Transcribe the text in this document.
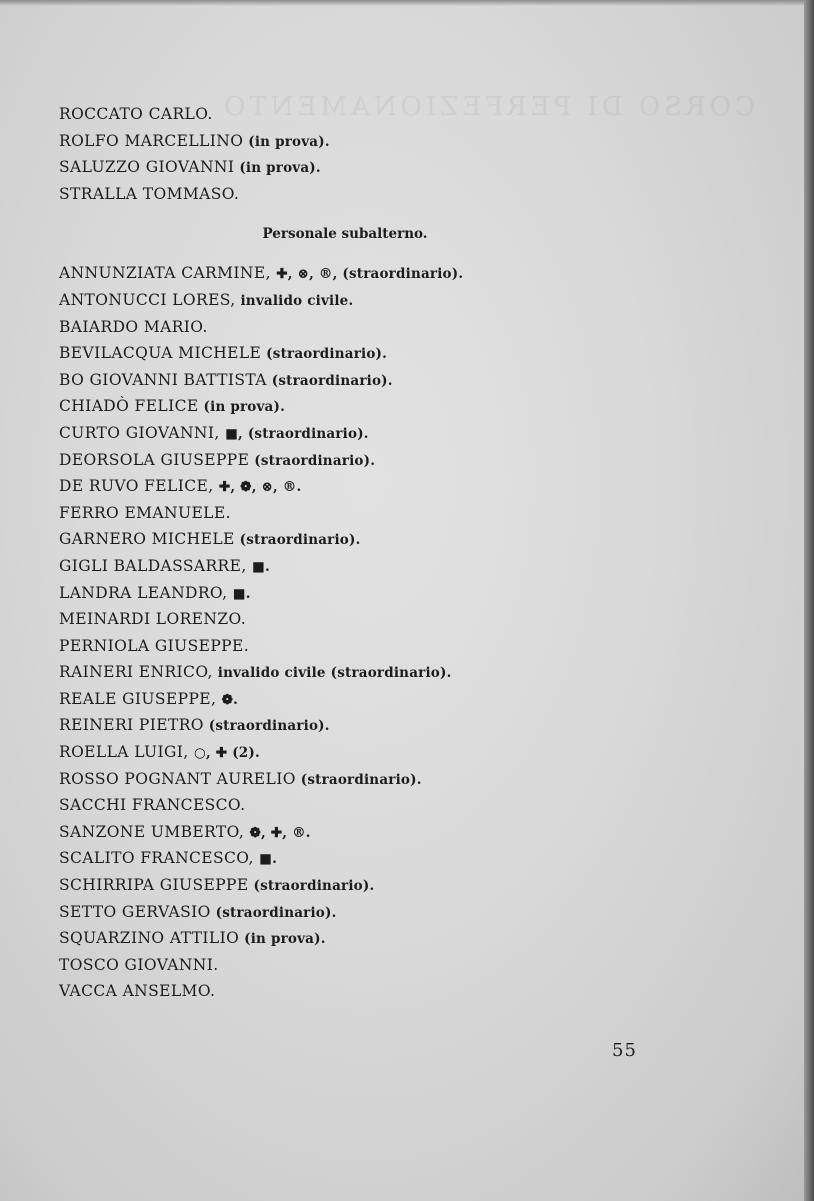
CORSO DI PERFEZIONAMENTO
ROCCATO CARLO.
ROLFO MARCELLINO (in prova).
SALUZZO GIOVANNI (in prova).
STRALLA TOMMASO.
Personale subalterno.
ANNUNZIATA CARMINE, ✚, ⊗, ®, (straordinario).
ANTONUCCI LORES, invalido civile.
BAIARDO MARIO.
BEVILACQUA MICHELE (straordinario).
BO GIOVANNI BATTISTA (straordinario).
CHIADÒ FELICE (in prova).
CURTO GIOVANNI, ■, (straordinario).
DEORSOLA GIUSEPPE (straordinario).
DE RUVO FELICE, ✚, ❁, ⊗, ®.
FERRO EMANUELE.
GARNERO MICHELE (straordinario).
GIGLI BALDASSARRE, ■.
LANDRA LEANDRO, ■.
MEINARDI LORENZO.
PERNIOLA GIUSEPPE.
RAINERI ENRICO, invalido civile (straordinario).
REALE GIUSEPPE, ❁.
REINERI PIETRO (straordinario).
ROELLA LUIGI, ○, ✚ (2).
ROSSO POGNANT AURELIO (straordinario).
SACCHI FRANCESCO.
SANZONE UMBERTO, ❁, ✚, ®.
SCALITO FRANCESCO, ■.
SCHIRRIPA GIUSEPPE (straordinario).
SETTO GERVASIO (straordinario).
SQUARZINO ATTILIO (in prova).
TOSCO GIOVANNI.
VACCA ANSELMO.
55
